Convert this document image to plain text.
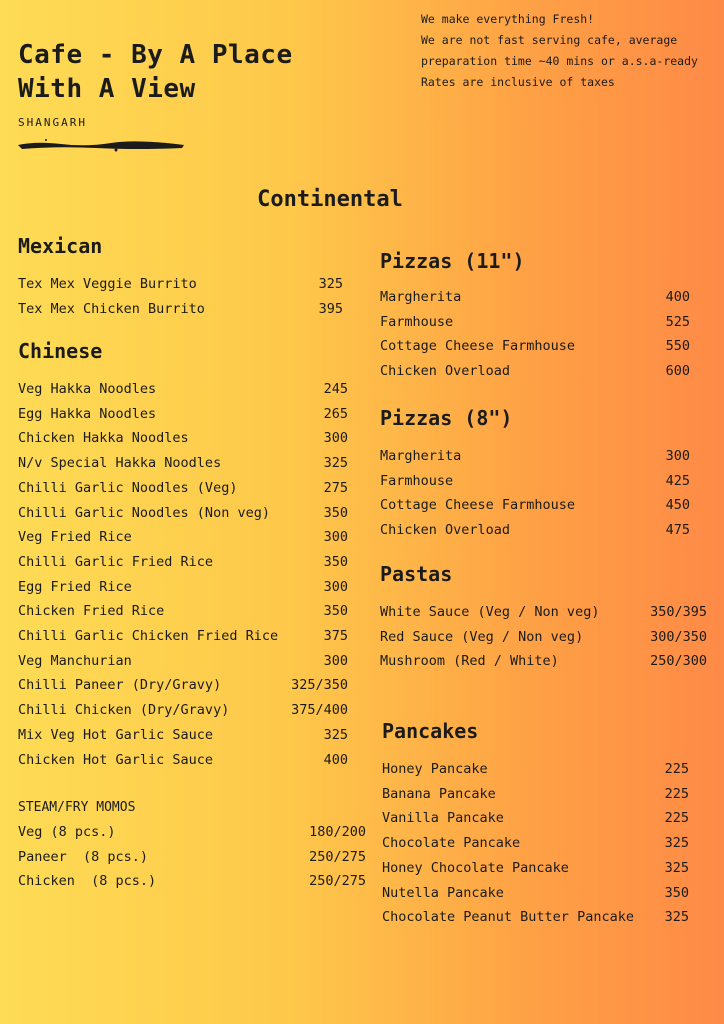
Cafe - By A Place
With A View
SHANGARH
We make everything Fresh!
We are not fast serving cafe, average
preparation time ~40 mins or a.s.a-ready
Rates are inclusive of taxes
Continental
Mexican
Tex Mex Veggie Burrito	325
Tex Mex Chicken Burrito	395
Chinese
Veg Hakka Noodles	245
Egg Hakka Noodles	265
Chicken Hakka Noodles	300
N/v Special Hakka Noodles	325
Chilli Garlic Noodles (Veg)	275
Chilli Garlic Noodles (Non veg)	350
Veg Fried Rice	300
Chilli Garlic Fried Rice	350
Egg Fried Rice	300
Chicken Fried Rice	350
Chilli Garlic Chicken Fried Rice	375
Veg Manchurian	300
Chilli Paneer (Dry/Gravy)	325/350
Chilli Chicken (Dry/Gravy)	375/400
Mix Veg Hot Garlic Sauce	325
Chicken Hot Garlic Sauce	400
STEAM/FRY MOMOS
Veg (8 pcs.)	180/200
Paneer  (8 pcs.)	250/275
Chicken  (8 pcs.)	250/275
Pizzas (11")
Margherita	400
Farmhouse	525
Cottage Cheese Farmhouse	550
Chicken Overload	600
Pizzas (8")
Margherita	300
Farmhouse	425
Cottage Cheese Farmhouse	450
Chicken Overload	475
Pastas
White Sauce (Veg / Non veg)	350/395
Red Sauce (Veg / Non veg)	300/350
Mushroom (Red / White)	250/300
Pancakes
Honey Pancake	225
Banana Pancake	225
Vanilla Pancake	225
Chocolate Pancake	325
Honey Chocolate Pancake	325
Nutella Pancake	350
Chocolate Peanut Butter Pancake 325
